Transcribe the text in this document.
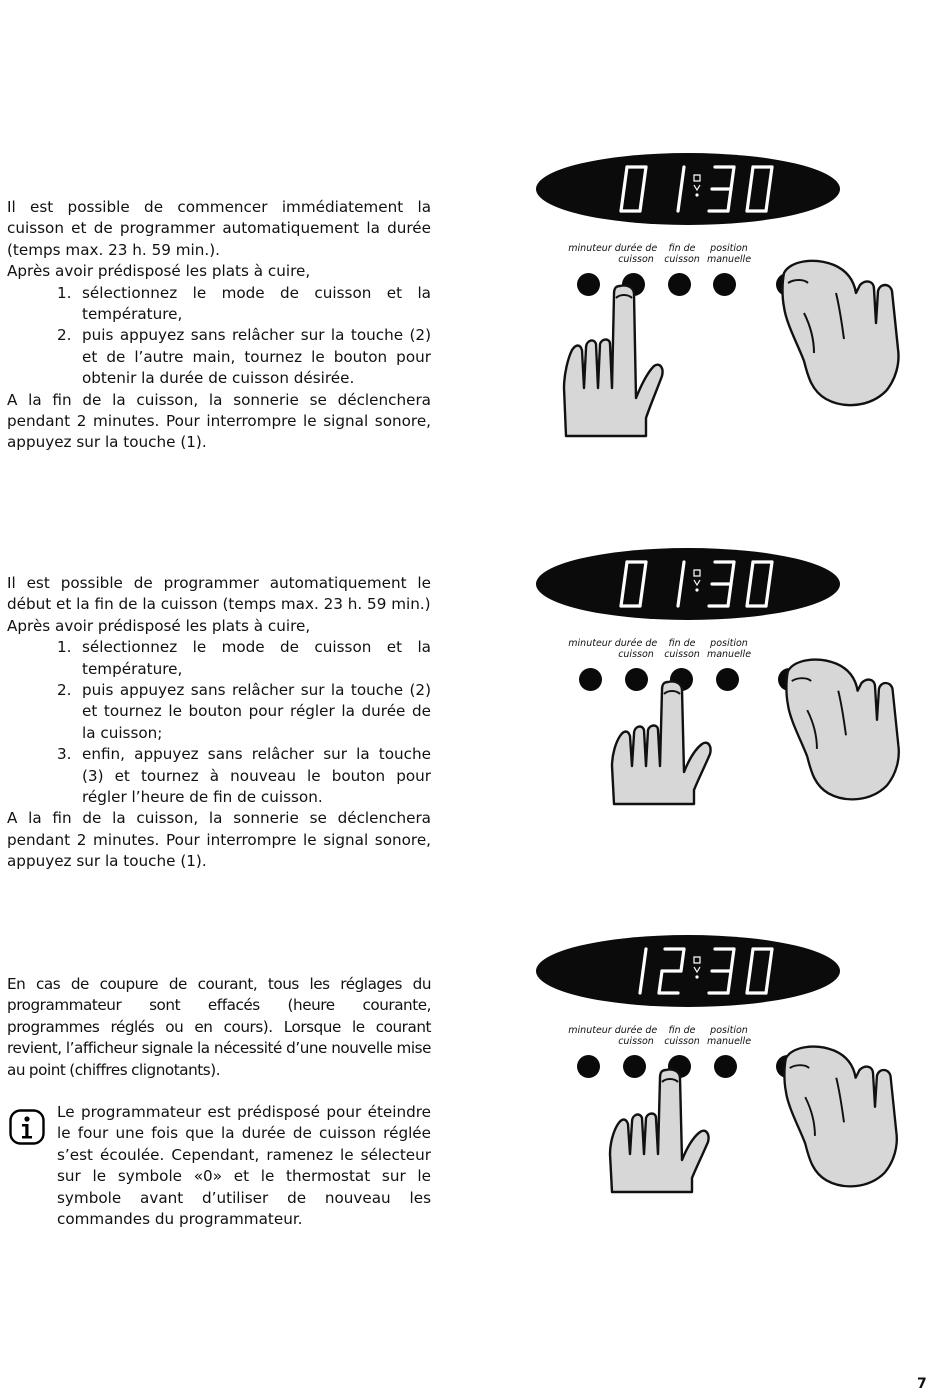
Il est possible de commencer immédiatement la cuisson et de programmer automatiquement la durée (temps max. 23 h. 59 min.).

Après avoir prédisposé les plats à cuire,

1. sélectionnez le mode de cuisson et la température,
2. puis appuyez sans relâcher sur la touche (2) et de l’autre main, tournez le bouton pour obtenir la durée de cuisson désirée.

A la fin de la cuisson, la sonnerie se déclenchera pendant 2 minutes. Pour interrompre le signal sonore, appuyez sur la touche (1).

Il est possible de programmer automatiquement le début et la fin de la cuisson (temps max. 23 h. 59 min.)

Après avoir prédisposé les plats à cuire,

1. sélectionnez le mode de cuisson et la température,
2. puis appuyez sans relâcher sur la touche (2) et tournez le bouton pour régler la durée de la cuisson;
3. enfin, appuyez sans relâcher sur la touche (3) et tournez à nouveau le bouton pour régler l’heure de fin de cuisson.

A la fin de la cuisson, la sonnerie se déclenchera pendant 2 minutes. Pour interrompre le signal sonore, appuyez sur la touche (1).

En cas de coupure de courant, tous les réglages du programmateur sont effacés (heure courante, programmes réglés ou en cours). Lorsque le courant revient, l’afficheur signale la nécessité d’une nouvelle mise au point (chiffres clignotants).

Le programmateur est prédisposé pour éteindre le four une fois que la durée de cuisson réglée s’est écoulée. Cependant, ramenez le sélecteur sur le symbole «0» et le thermostat sur le symbole avant d’utiliser de nouveau les commandes du programmateur.
minuteur durée de
cuisson
fin de
cuisson
position
manuelle
minuteur durée de
cuisson
fin de
cuisson
position
manuelle
minuteur durée de
cuisson
fin de
cuisson
position
manuelle
7
